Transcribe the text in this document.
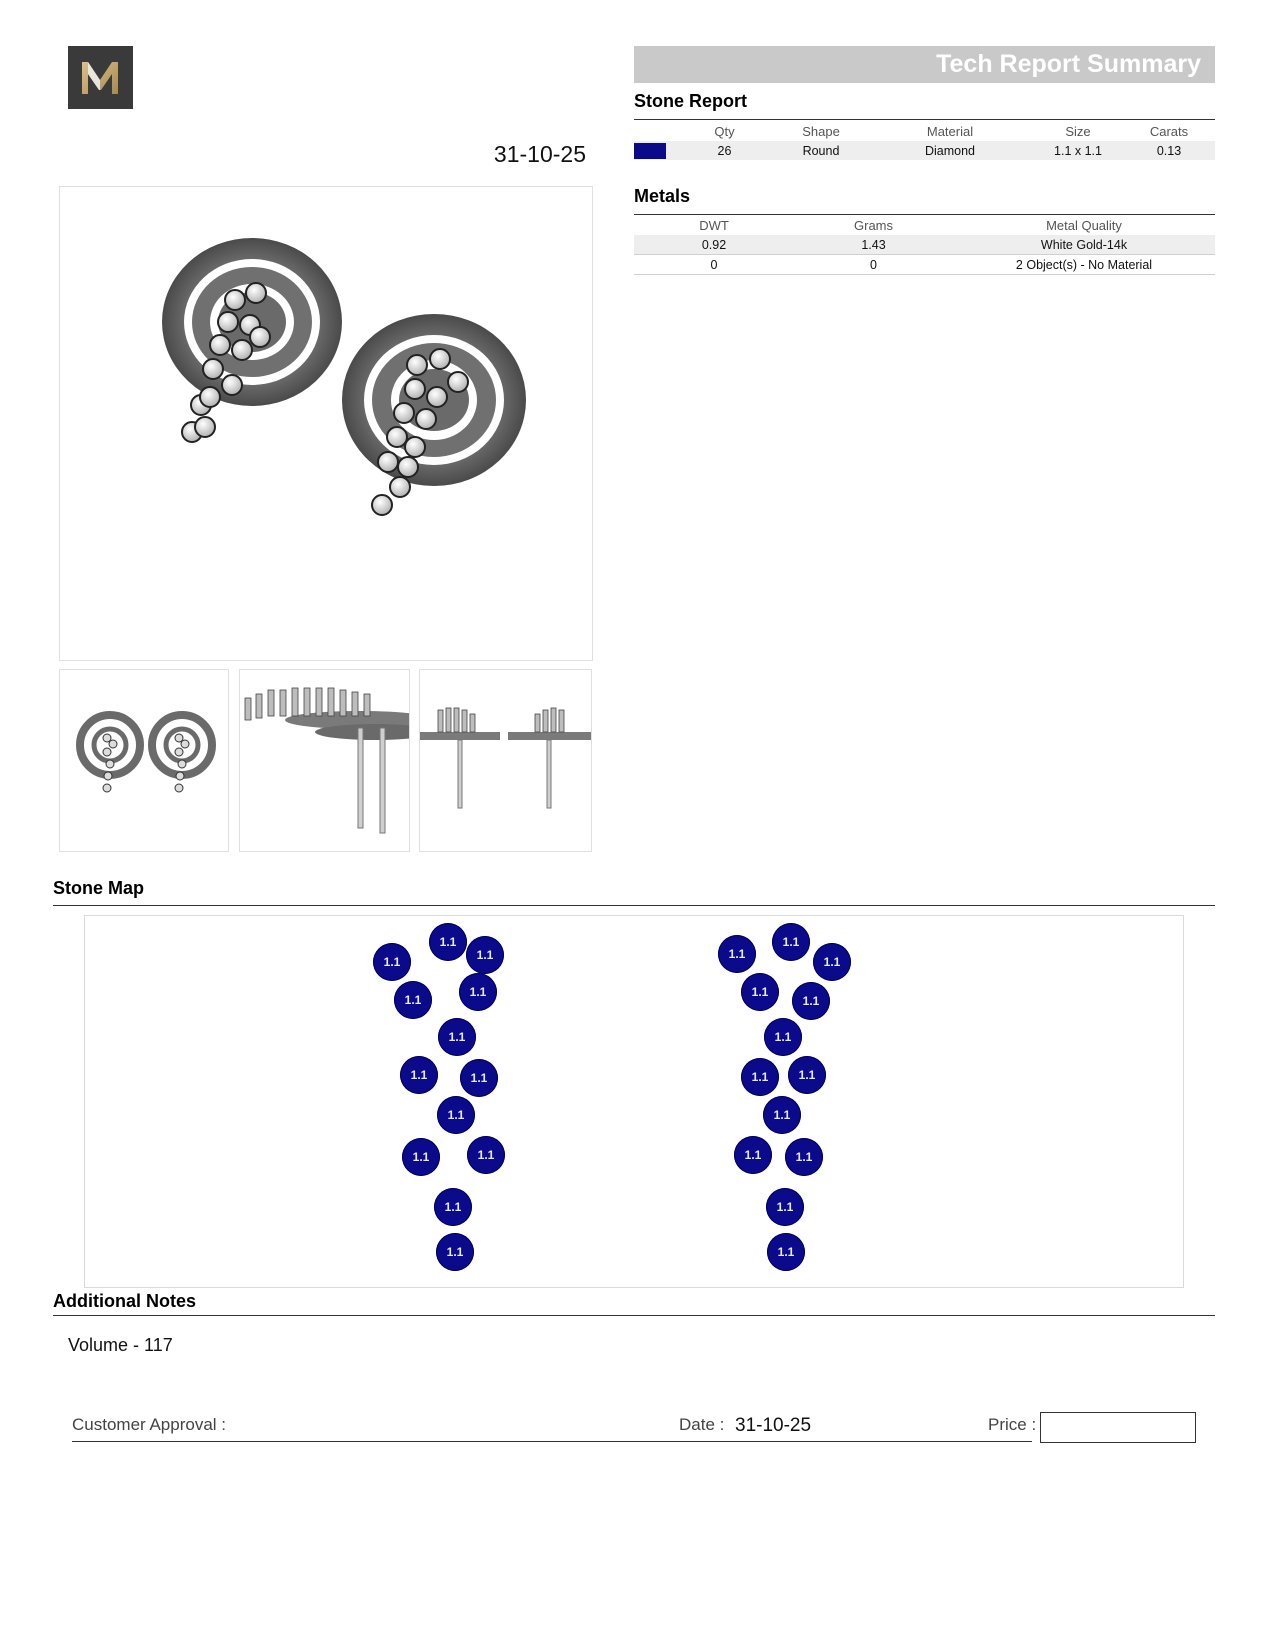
31-10-25
Tech Report Summary
Stone Report
	Qty	Shape	Material	Size	Carats
	26	Round	Diamond	1.1 x 1.1	0.13
Metals
DWT	Grams	Metal Quality
0.92	1.43	White Gold-14k
0	0	2 Object(s) - No Material
Stone Map
1.1
1.1	1.1
1.1
1.1
1.1
1.1	1.1
1.1
1.1	1.1
1.1
1.1
1.1
1.1
1.1
1.1
1.1
1.1
1.1	1.1
1.1
1.1	1.1
1.1
1.1
Additional Notes
Volume - 117
Customer Approval :	Date : 31-10-25	Price :
